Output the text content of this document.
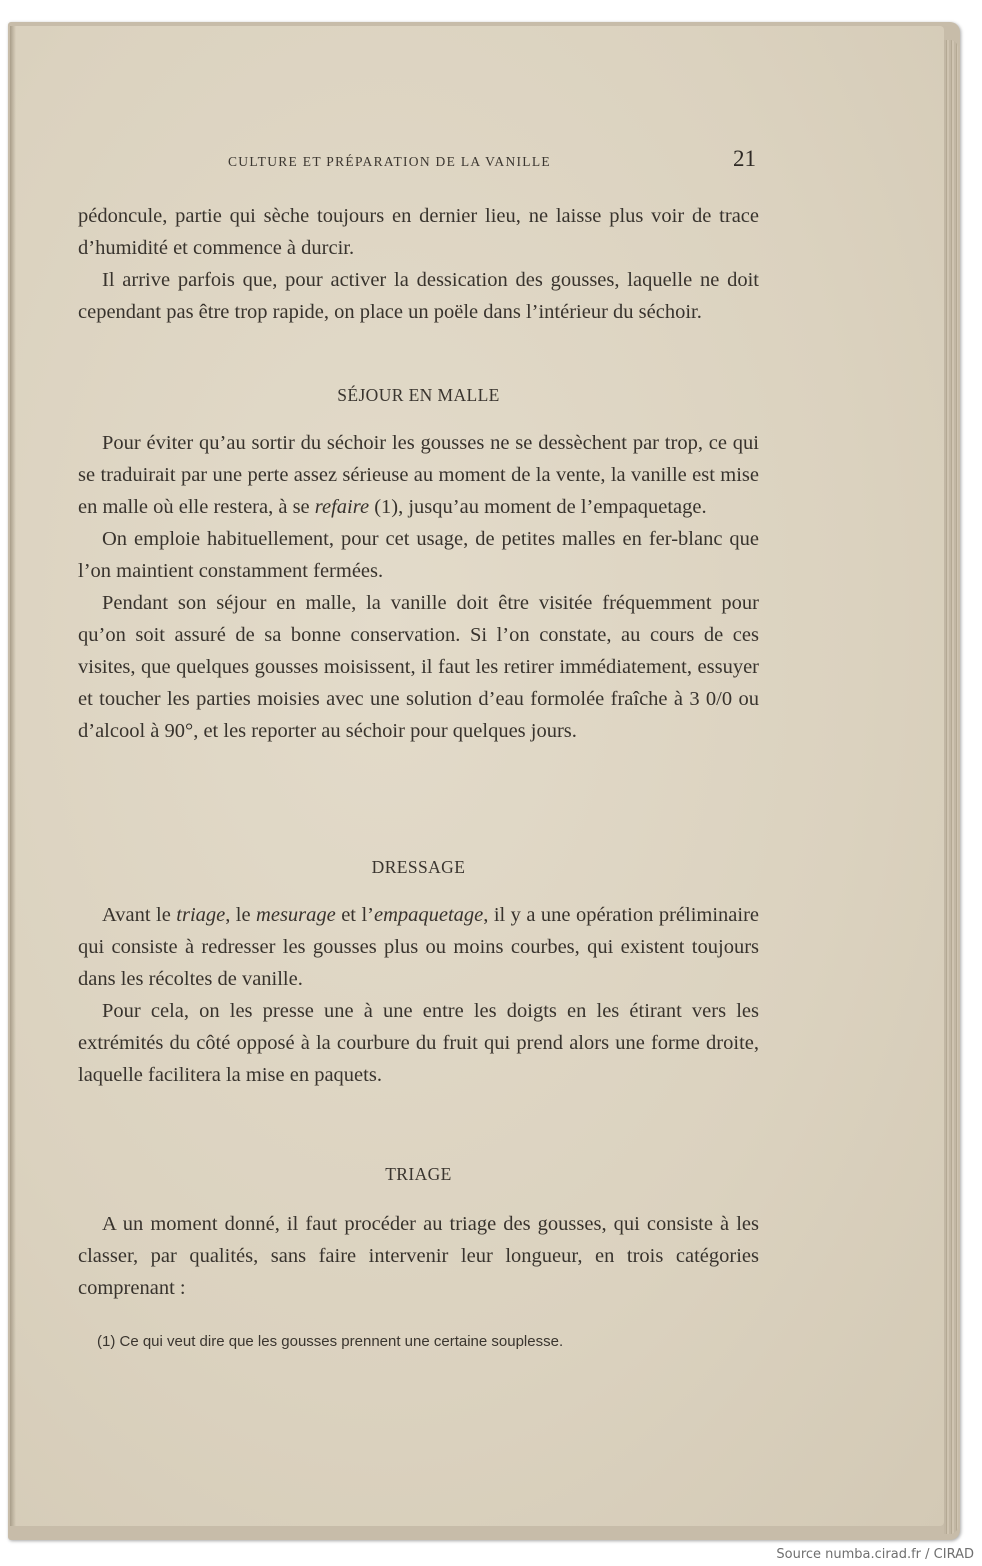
CULTURE ET PRÉPARATION DE LA VANILLE	21

pédoncule, partie qui sèche toujours en dernier lieu, ne laisse plus voir de trace d’humidité et commence à durcir.

Il arrive parfois que, pour activer la dessication des gousses, laquelle ne doit cependant pas être trop rapide, on place un poële dans l’intérieur du séchoir.

SÉJOUR EN MALLE

Pour éviter qu’au sortir du séchoir les gousses ne se dessèchent par trop, ce qui se traduirait par une perte assez sérieuse au moment de la vente, la vanille est mise en malle où elle restera, à se refaire (1), jusqu’au moment de l’empaquetage.

On emploie habituellement, pour cet usage, de petites malles en fer-blanc que l’on maintient constamment fermées.

Pendant son séjour en malle, la vanille doit être visitée fréquemment pour qu’on soit assuré de sa bonne conservation. Si l’on constate, au cours de ces visites, que quelques gousses moisissent, il faut les retirer immédiatement, essuyer et toucher les parties moisies avec une solution d’eau formolée fraîche à 3 0/0 ou d’alcool à 90°, et les reporter au séchoir pour quelques jours.

DRESSAGE

Avant le triage, le mesurage et l’empaquetage, il y a une opération préliminaire qui consiste à redresser les gousses plus ou moins courbes, qui existent toujours dans les récoltes de vanille.

Pour cela, on les presse une à une entre les doigts en les étirant vers les extrémités du côté opposé à la courbure du fruit qui prend alors une forme droite, laquelle facilitera la mise en paquets.

TRIAGE

A un moment donné, il faut procéder au triage des gousses, qui consiste à les classer, par qualités, sans faire intervenir leur longueur, en trois catégories comprenant :

(1) Ce qui veut dire que les gousses prennent une certaine souplesse.
Source numba.cirad.fr / CIRAD
